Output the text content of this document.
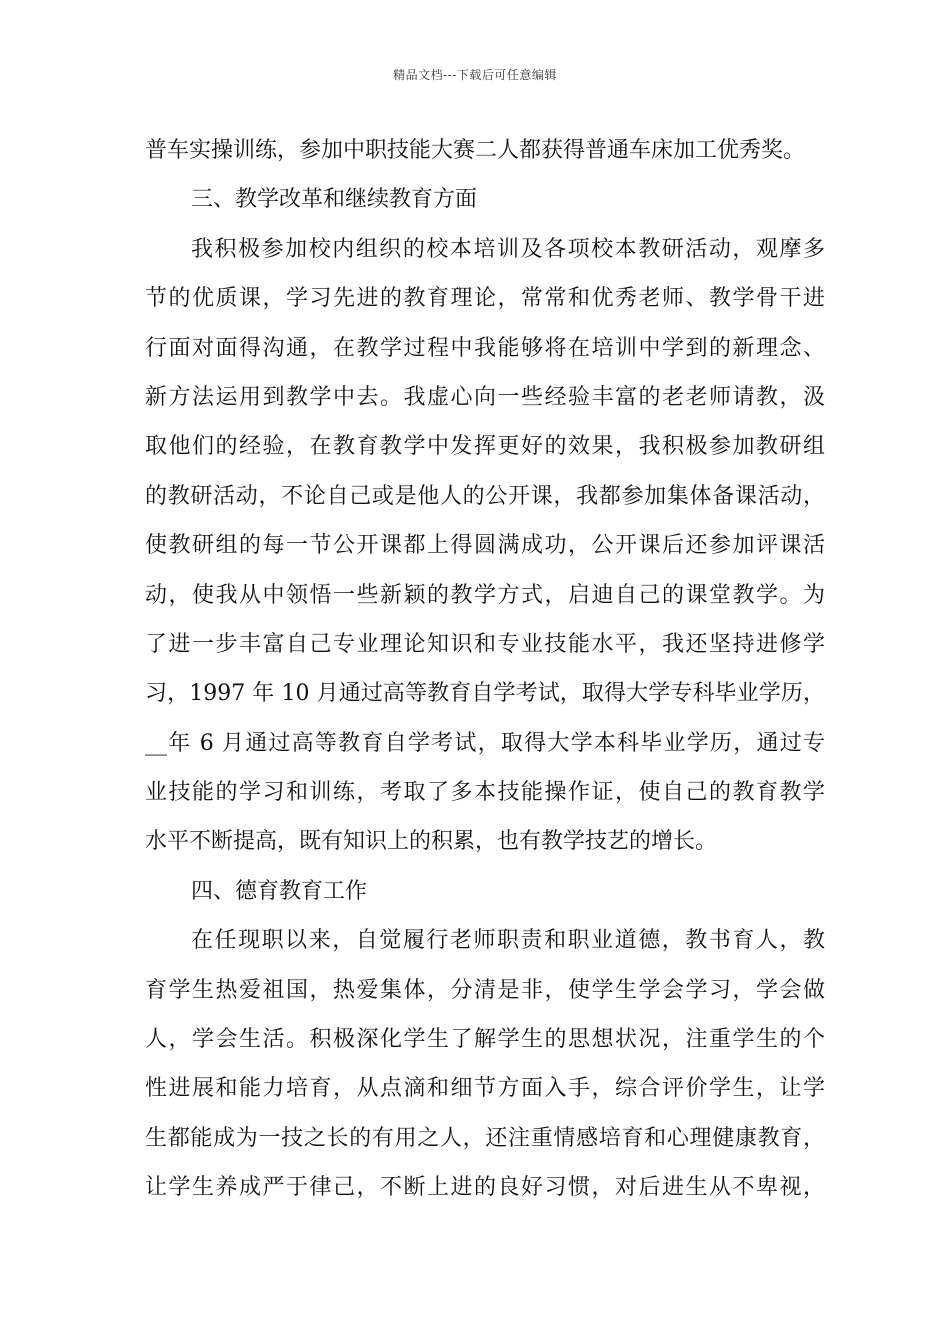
精品文档---下载后可任意编辑
普车实操训练，参加中职技能大赛二人都获得普通车床加工优秀奖。
三、教学改革和继续教育方面
我积极参加校内组织的校本培训及各项校本教研活动，观摩多
节的优质课，学习先进的教育理论，常常和优秀老师、教学骨干进
行面对面得沟通，在教学过程中我能够将在培训中学到的新理念、
新方法运用到教学中去。我虚心向一些经验丰富的老老师请教，汲
取他们的经验，在教育教学中发挥更好的效果，我积极参加教研组
的教研活动，不论自己或是他人的公开课，我都参加集体备课活动，
使教研组的每一节公开课都上得圆满成功，公开课后还参加评课活
动，使我从中领悟一些新颖的教学方式，启迪自己的课堂教学。为
了进一步丰富自己专业理论知识和专业技能水平，我还坚持进修学
习，1997 年 10 月通过高等教育自学考试，取得大学专科毕业学历，
__年 6 月通过高等教育自学考试，取得大学本科毕业学历，通过专
业技能的学习和训练，考取了多本技能操作证，使自己的教育教学
水平不断提高，既有知识上的积累，也有教学技艺的增长。
四、德育教育工作
在任现职以来，自觉履行老师职责和职业道德，教书育人，教
育学生热爱祖国，热爱集体，分清是非，使学生学会学习，学会做
人，学会生活。积极深化学生了解学生的思想状况，注重学生的个
性进展和能力培育，从点滴和细节方面入手，综合评价学生，让学
生都能成为一技之长的有用之人，还注重情感培育和心理健康教育，
让学生养成严于律己，不断上进的良好习惯，对后进生从不卑视，
